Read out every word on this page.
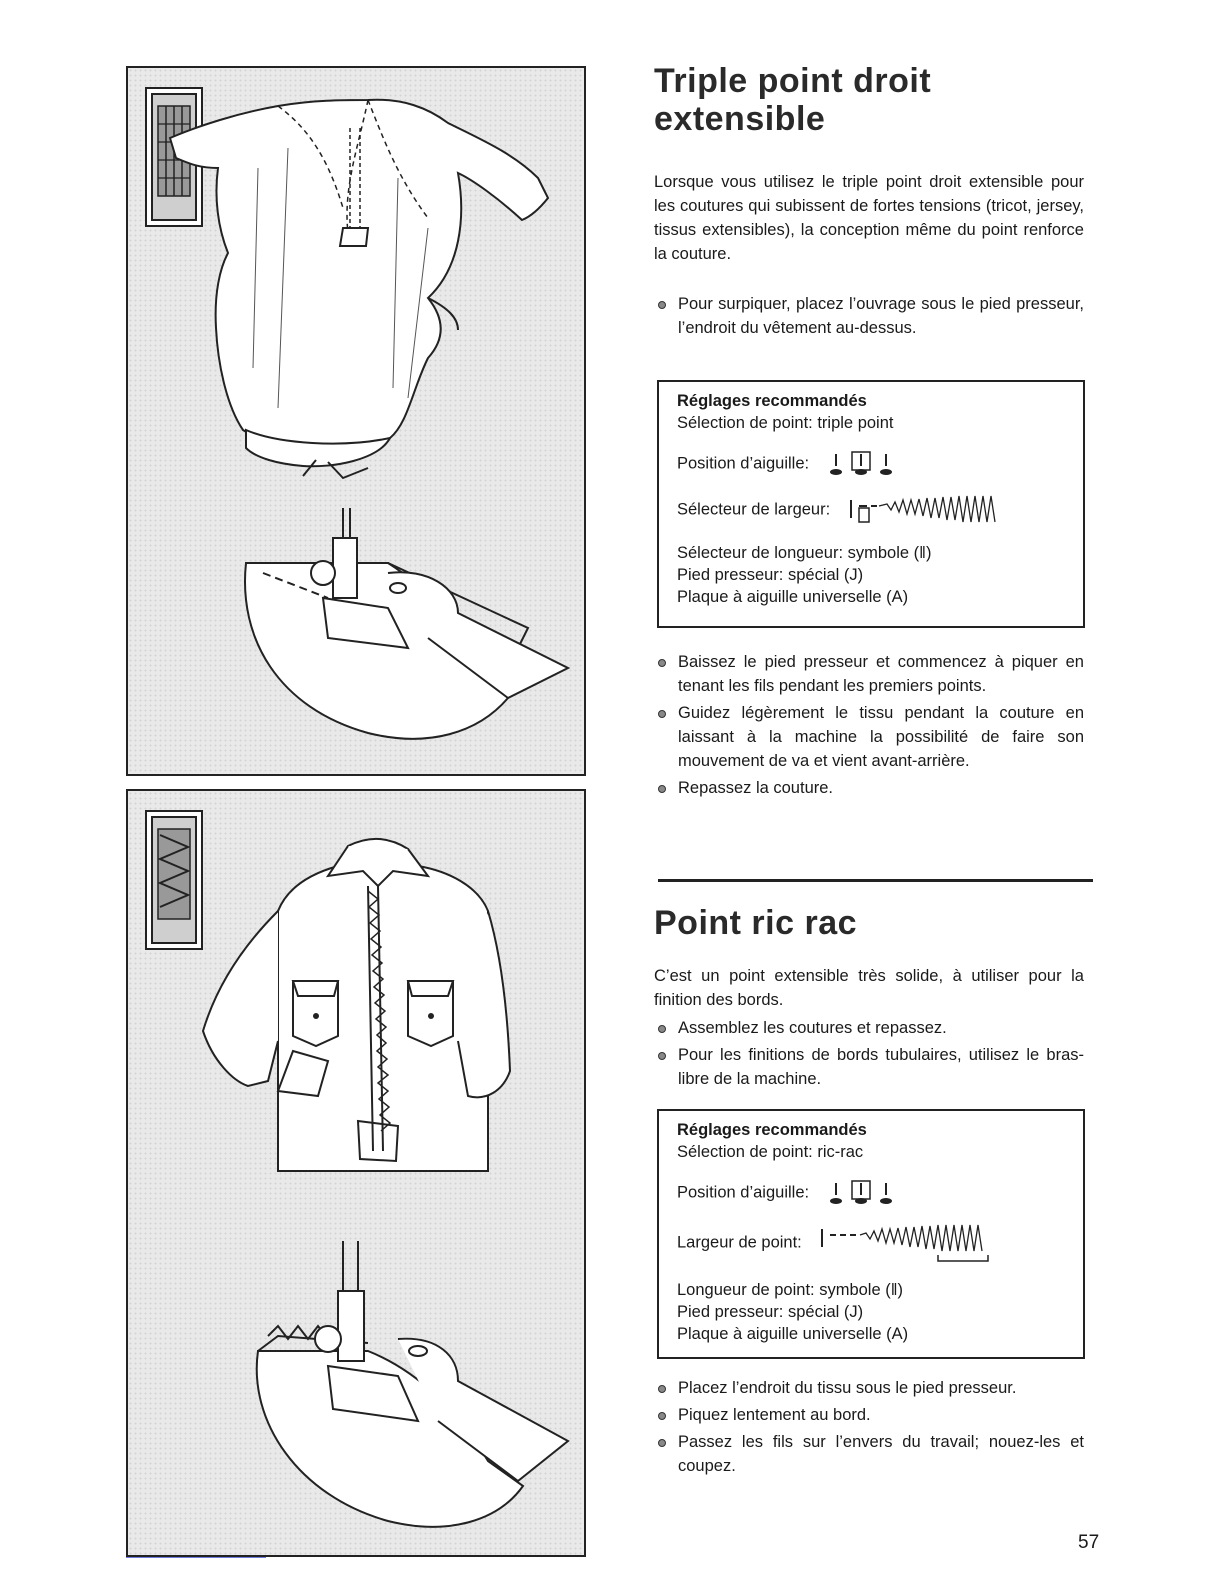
Triple point droit extensible

Lorsque vous utilisez le triple point droit extensible pour les coutures qui subissent de fortes tensions (tricot, jersey, tissus extensibles), la conception même du point renforce la couture.

Pour surpiquer, placez l’ouvrage sous le pied presseur, l’endroit du vêtement au-dessus.
Réglages recommandés
Sélection de point: triple point
Position d’aiguille:
Sélecteur de largeur:
Sélecteur de longueur: symbole (‖)
Pied presseur: spécial (J)
Plaque à aiguille universelle (A)
Baissez le pied presseur et commencez à piquer en tenant les fils pendant les premiers points.
Guidez légèrement le tissu pendant la couture en laissant à la machine la possibilité de faire son mouvement de va et vient avant-arrière.
Repassez la couture.
Point ric rac

C’est un point extensible très solide, à utiliser pour la finition des bords.

Assemblez les coutures et repassez.
Pour les finitions de bords tubulaires, utilisez le bras-libre de la machine.
Réglages recommandés
Sélection de point: ric-rac
Position d’aiguille:
Largeur de point:
Longueur de point: symbole (‖)
Pied presseur: spécial (J)
Plaque à aiguille universelle (A)
Placez l’endroit du tissu sous le pied presseur.
Piquez lentement au bord.
Passez les fils sur l’envers du travail; nouez-les et coupez.
57
